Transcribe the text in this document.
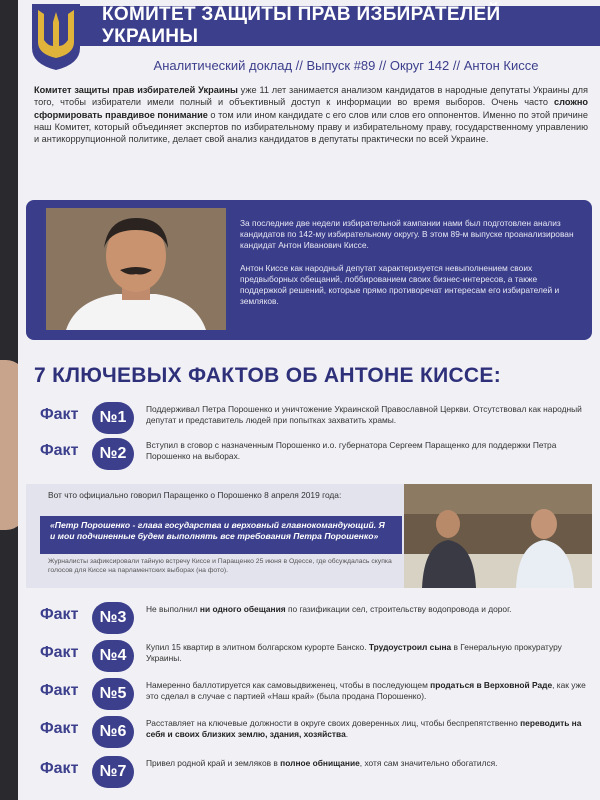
КОМИТЕТ ЗАЩИТЫ ПРАВ ИЗБИРАТЕЛЕЙ УКРАИНЫ
Аналитический доклад // Выпуск #89 // Округ 142 // Антон Киссе
Комитет защиты прав избирателей Украины уже 11 лет занимается анализом кандидатов в народные депутаты Украины для того, чтобы избиратели имели полный и объективный доступ к информации во время выборов. Очень часто сложно сформировать правдивое понимание о том или ином кандидате с его слов или слов его оппонентов. Именно по этой причине наш Комитет, который объединяет экспертов по избирательному праву и избирательному праву, государственному управлению и антикоррупционной политике, делает свой анализ кандидатов в депутаты практически по всей Украине.

За последние две недели избирательной кампании нами был подготовлен анализ кандидатов по 142-му избирательному округу. В этом 89-м выпуске проанализирован кандидат Антон Иванович Киссе.

Антон Киссе как народный депутат характеризуется невыполнением своих предвыборных обещаний, лоббированием своих бизнес-интересов, а также поддержкой решений, которые прямо противоречат интересам его избирателей и земляков.

7 КЛЮЧЕВЫХ ФАКТОВ ОБ АНТОНЕ КИССЕ:
Факт	№1	Поддерживал Петра Порошенко и уничтожение Украинской Православной Церкви. Отсутствовал как народный депутат и представитель людей при попытках захватить храмы.
Факт	№2	Вступил в сговор с назначенным Порошенко и.о. губернатора Сергеем Паращенко для поддержки Петра Порошенко на выборах.
Вот что официально говорил Паращенко о Порошенко 8 апреля 2019 года:
«Петр Порошенко - глава государства и верховный главнокомандующий. Я и мои подчиненные будем выполнять все требования Петра Порошенко»
Журналисты зафиксировали тайную встречу Киссе и Паращенко 25 июня в Одессе, где обсуждалась скупка голосов для Киссе на парламентских выборах (на фото).
Факт	№3	Не выполнил ни одного обещания по газификации сел, строительству водопровода и дорог.
Факт	№4	Купил 15 квартир в элитном болгарском курорте Банско. Трудоустроил сына в Генеральную прокуратуру Украины.
Факт	№5	Намеренно баллотируется как самовыдвиженец, чтобы в последующем продаться в Верховной Раде, как уже это сделал в случае с партией «Наш край» (была продана Порошенко).
Факт	№6	Расставляет на ключевые должности в округе своих доверенных лиц, чтобы беспрепятственно переводить на себя и своих близких землю, здания, хозяйства.
Факт	№7	Привел родной край и земляков в полное обнищание, хотя сам значительно обогатился.
